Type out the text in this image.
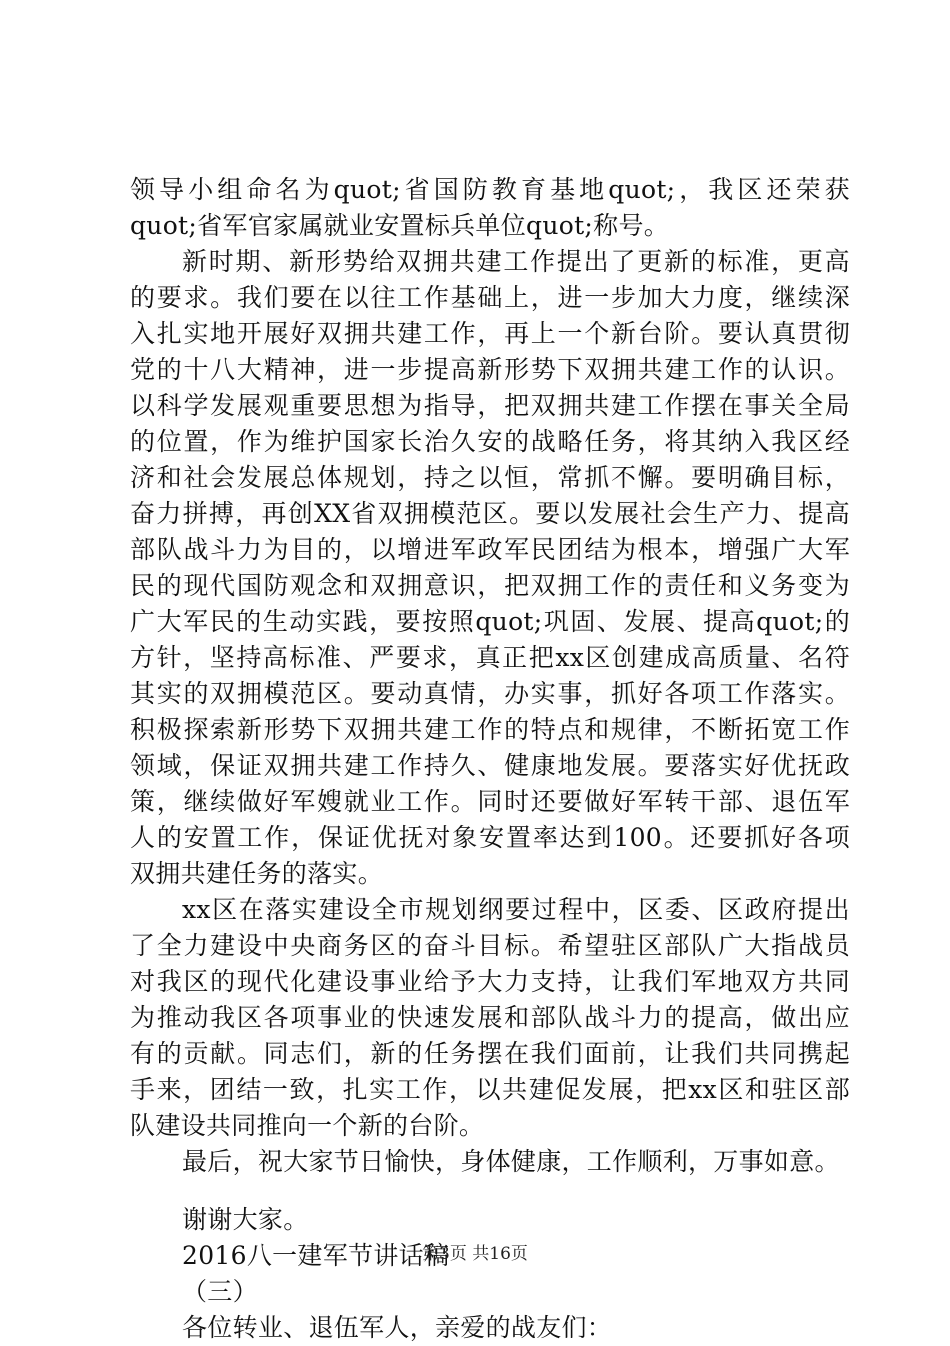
领导小组命名为quot;省国防教育基地quot;，我区还荣获
quot;省军官家属就业安置标兵单位quot;称号。
新时期、新形势给双拥共建工作提出了更新的标准，更高
的要求。我们要在以往工作基础上，进一步加大力度，继续深
入扎实地开展好双拥共建工作，再上一个新台阶。要认真贯彻
党的十八大精神，进一步提高新形势下双拥共建工作的认识。
以科学发展观重要思想为指导，把双拥共建工作摆在事关全局
的位置，作为维护国家长治久安的战略任务，将其纳入我区经
济和社会发展总体规划，持之以恒，常抓不懈。要明确目标，
奋力拼搏，再创XX省双拥模范区。要以发展社会生产力、提高
部队战斗力为目的，以增进军政军民团结为根本，增强广大军
民的现代国防观念和双拥意识，把双拥工作的责任和义务变为
广大军民的生动实践，要按照quot;巩固、发展、提高quot;的
方针，坚持高标准、严要求，真正把xx区创建成高质量、名符
其实的双拥模范区。要动真情，办实事，抓好各项工作落实。
积极探索新形势下双拥共建工作的特点和规律，不断拓宽工作
领域，保证双拥共建工作持久、健康地发展。要落实好优抚政
策，继续做好军嫂就业工作。同时还要做好军转干部、退伍军
人的安置工作，保证优抚对象安置率达到100。还要抓好各项
双拥共建任务的落实。
xx区在落实建设全市规划纲要过程中，区委、区政府提出
了全力建设中央商务区的奋斗目标。希望驻区部队广大指战员
对我区的现代化建设事业给予大力支持，让我们军地双方共同
为推动我区各项事业的快速发展和部队战斗力的提高，做出应
有的贡献。同志们，新的任务摆在我们面前，让我们共同携起
手来，团结一致，扎实工作，以共建促发展，把xx区和驻区部
队建设共同推向一个新的台阶。
最后，祝大家节日愉快，身体健康，工作顺利，万事如意。
谢谢大家。
2016八一建军节讲话稿
（三）
各位转业、退伍军人，亲爱的战友们：
第3页 共16页
